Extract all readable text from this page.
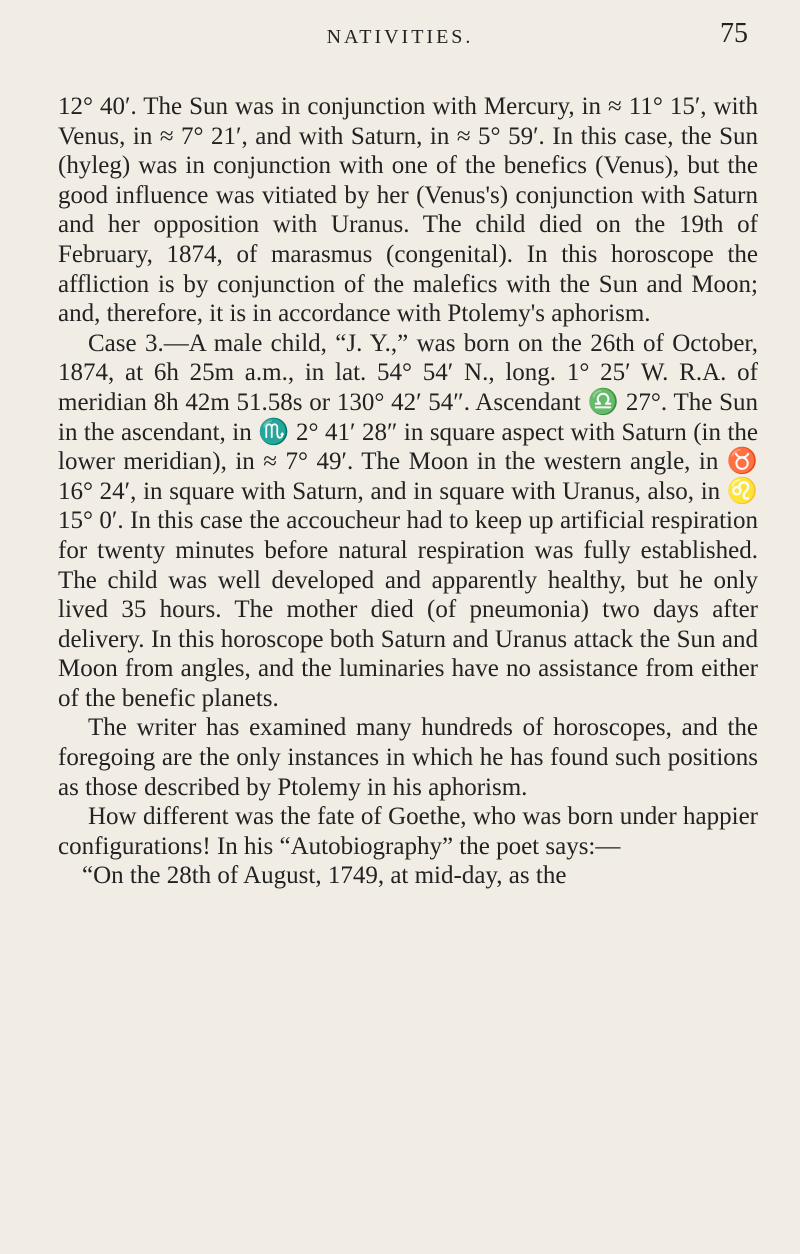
NATIVITIES.	75

12° 40′. The Sun was in conjunction with Mercury, in ≈ 11° 15′, with Venus, in ≈ 7° 21′, and with Saturn, in ≈ 5° 59′. In this case, the Sun (hyleg) was in conjunction with one of the benefics (Venus), but the good influence was vitiated by her (Venus's) conjunction with Saturn and her opposition with Uranus. The child died on the 19th of February, 1874, of marasmus (congenital). In this horoscope the affliction is by conjunction of the malefics with the Sun and Moon; and, therefore, it is in accordance with Ptolemy's aphorism.

Case 3.—A male child, “J. Y.,” was born on the 26th of October, 1874, at 6h 25m a.m., in lat. 54° 54′ N., long. 1° 25′ W. R.A. of meridian 8h 42m 51.58s or 130° 42′ 54″. Ascendant ♎ 27°. The Sun in the ascendant, in ♏ 2° 41′ 28″ in square aspect with Saturn (in the lower meridian), in ≈ 7° 49′. The Moon in the western angle, in ♉ 16° 24′, in square with Saturn, and in square with Uranus, also, in ♌ 15° 0′. In this case the accoucheur had to keep up artificial respiration for twenty minutes before natural respiration was fully established. The child was well developed and apparently healthy, but he only lived 35 hours. The mother died (of pneumonia) two days after delivery. In this horoscope both Saturn and Uranus attack the Sun and Moon from angles, and the luminaries have no assistance from either of the benefic planets.

The writer has examined many hundreds of horoscopes, and the foregoing are the only instances in which he has found such positions as those described by Ptolemy in his aphorism.

How different was the fate of Goethe, who was born under happier configurations! In his “Autobiography” the poet says:—

“On the 28th of August, 1749, at mid-day, as the
